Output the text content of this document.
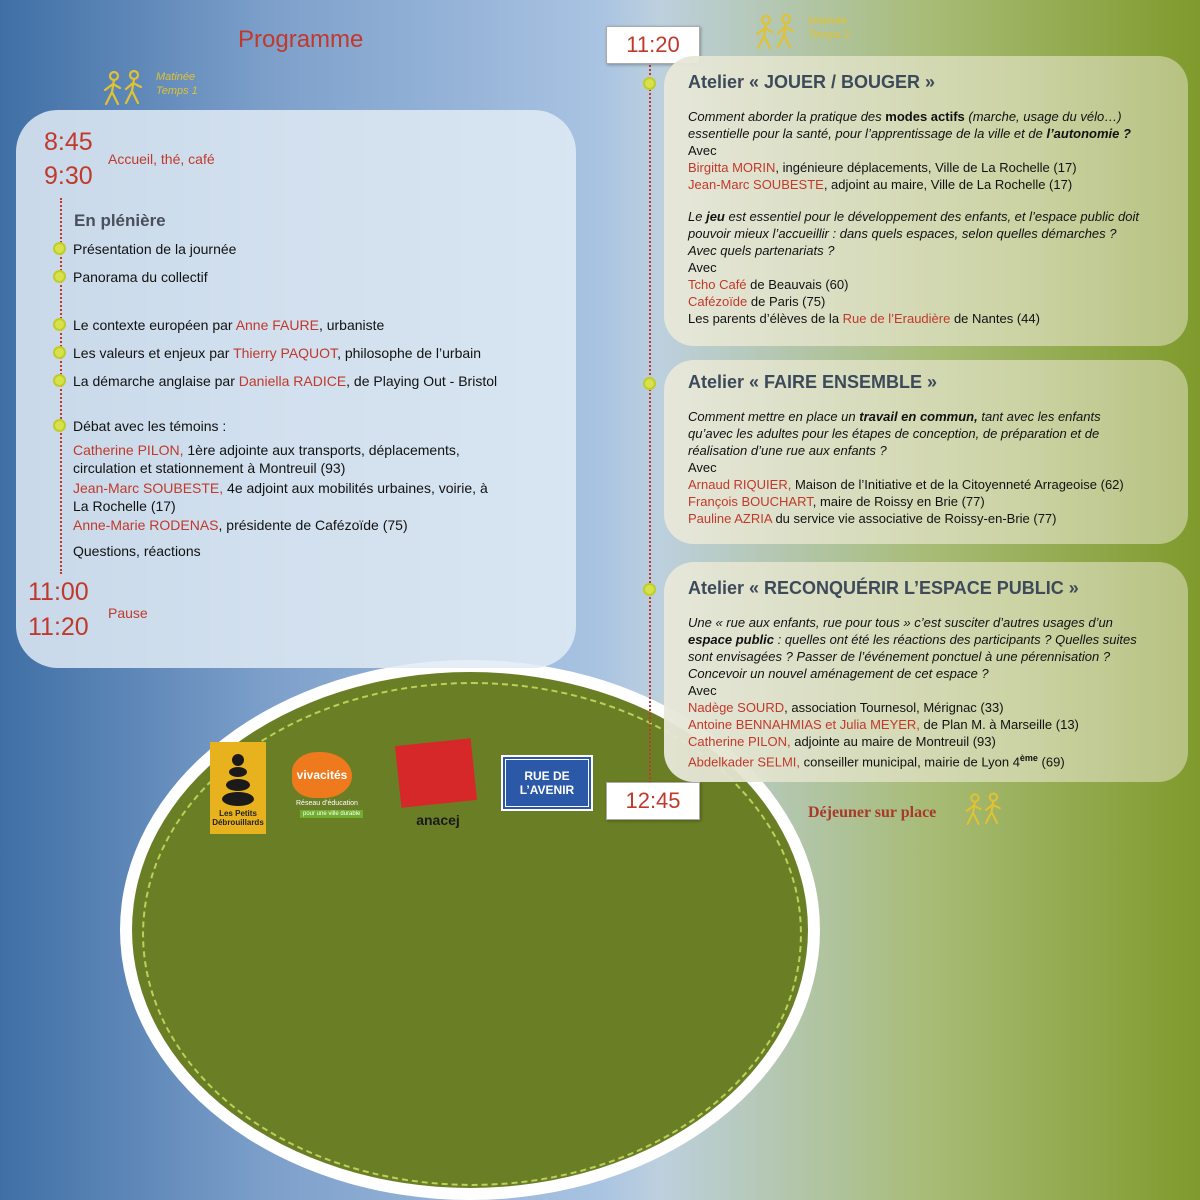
Programme
Matinée
Temps 1
8:45
9:30
Accueil, thé, café
En plénière
Présentation de la journée
Panorama du collectif
Le contexte européen par Anne FAURE, urbaniste
Les valeurs et enjeux par Thierry PAQUOT, philosophe de l’urbain
La démarche anglaise par Daniella RADICE, de Playing Out - Bristol
Débat avec les témoins :
Catherine PILON, 1ère adjointe aux transports, déplacements,
circulation et stationnement à Montreuil (93)
Jean-Marc SOUBESTE, 4e adjoint aux mobilités urbaines, voirie, à
La Rochelle (17)
Anne-Marie RODENAS, présidente de Cafézoïde (75)
Questions, réactions
11:00
11:20 Pause
11:20
12:45
Matinée
Temps 2
Atelier « JOUER / BOUGER »
Comment aborder la pratique des modes actifs (marche, usage du vélo…)
essentielle pour la santé, pour l’apprentissage de la ville et de l’autonomie ?
Avec
Birgitta MORIN, ingénieure déplacements, Ville de La Rochelle (17)
Jean-Marc SOUBESTE, adjoint au maire, Ville de La Rochelle (17)
Le jeu est essentiel pour le développement des enfants, et l’espace public doit
pouvoir mieux l’accueillir : dans quels espaces, selon quelles démarches ?
Avec quels partenariats ?
Avec
Tcho Café de Beauvais (60)
Cafézoïde de Paris (75)
Les parents d’élèves de la Rue de l’Eraudière de Nantes (44)
Atelier « FAIRE ENSEMBLE »
Comment mettre en place un travail en commun, tant avec les enfants
qu’avec les adultes pour les étapes de conception, de préparation et de
réalisation d’une rue aux enfants ?
Avec
Arnaud RIQUIER, Maison de l’Initiative et de la Citoyenneté Arrageoise (62)
François BOUCHART, maire de Roissy en Brie (77)
Pauline AZRIA du service vie associative de Roissy-en-Brie (77)
Atelier « RECONQUÉRIR L’ESPACE PUBLIC »
Une « rue aux enfants, rue pour tous » c’est susciter d’autres usages d’un
espace public : quelles ont été les réactions des participants ? Quelles suites
sont envisagées ? Passer de l’événement ponctuel à une pérennisation ?
Concevoir un nouvel aménagement de cet espace ?
Avec
Nadège SOURD, association Tournesol, Mérignac (33)
Antoine BENNAHMIAS et Julia MEYER, de Plan M. à Marseille (13)
Catherine PILON, adjointe au maire de Montreuil (93)
Abdelkader SELMI, conseiller municipal, mairie de Lyon 4ème (69)
Déjeuner sur place
Les Petits Débrouillards
vivacités
Réseau d’éducation
pour une ville durable	anacej
RUE DE
L’AVENIR
